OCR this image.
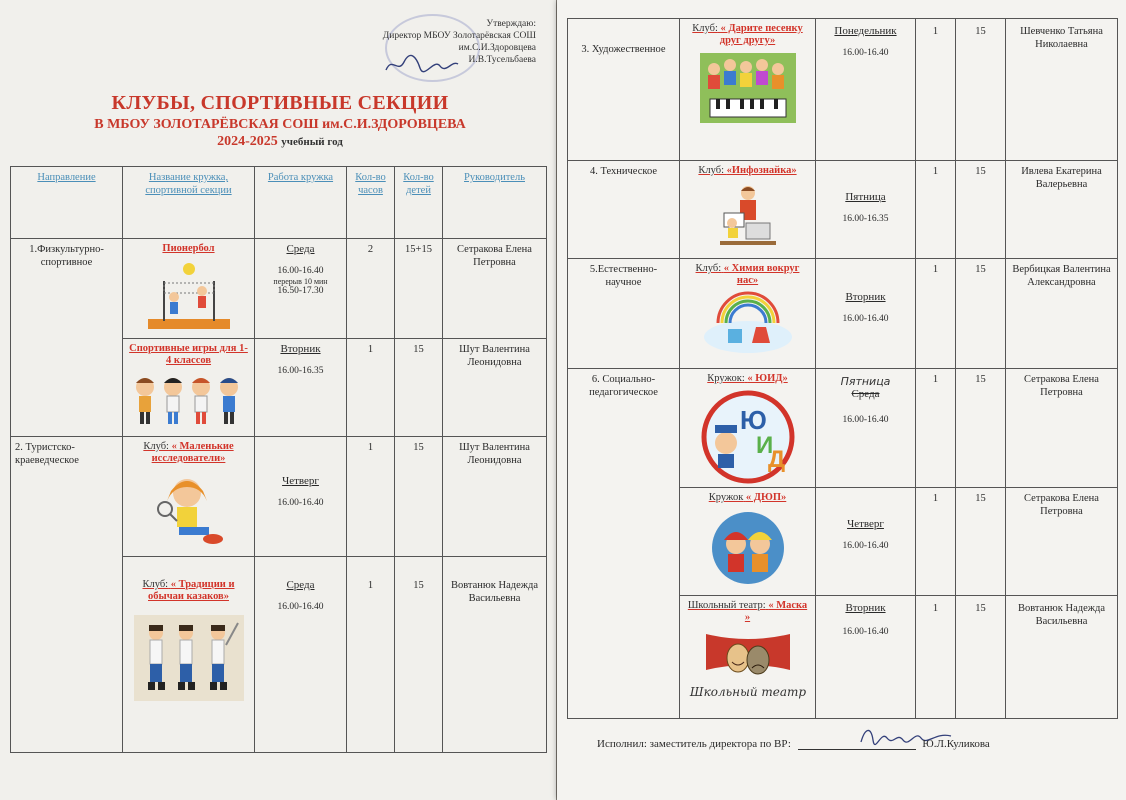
Утверждаю:
Директор МБОУ Золотарёвская СОШ
им.С.И.Здоровцева
И.В.Тусельбаева
КЛУБЫ, СПОРТИВНЫЕ СЕКЦИИ
В МБОУ ЗОЛОТАРЁВСКАЯ СОШ им.С.И.ЗДОРОВЦЕВА
2024-2025 учебный год
Направление	Название кружка, спортивной секции	Работа кружка	Кол-во часов	Кол-во детей	Руководитель
1.Физкультурно-спортивное	Пионербол	Среда
16.00-16.40
перерыв 10 мин
16.50-17.30	2	15+15	Сетракова Елена Петровна

	Спортивные игры для 1-4 классов	Вторник
16.00-16.35	1	15	Шут Валентина Леонидовна
2. Туристско-краеведческое	Клуб: « Маленькие исследователи»	Четверг
16.00-16.40	1	15	Шут Валентина Леонидовна

	Клуб: « Традиции и обычаи казаков»	Среда
16.00-16.40	1	15	Вовтанюк Надежда Васильевна
3. Художественное	Клуб: « Дарите песенку друг другу»	Понедельник
16.00-16.40	1	15	Шевченко Татьяна Николаевна
4. Техническое	Клуб: «Инфознайка»	Пятница
16.00-16.35	1	15	Ивлева Екатерина Валерьевна
5.Естественно-научное	Клуб: « Химия вокруг нас»	Вторник
16.00-16.40	1	15	Вербицкая Валентина Александровна
6. Социально-педагогическое	Кружок: « ЮИД»
Ю
И
Д	Пятница
Среда
16.00-16.40	1	15	Сетракова Елена Петровна

	Кружок « ДЮП»	Четверг
16.00-16.40	1	15	Сетракова Елена Петровна

	Школьный театр: « Маска »
Школьный театр	Вторник
16.00-16.40	1	15	Вовтанюк Надежда Васильевна
Исполнил: заместитель директора по ВР:	Ю.Л.Куликова
